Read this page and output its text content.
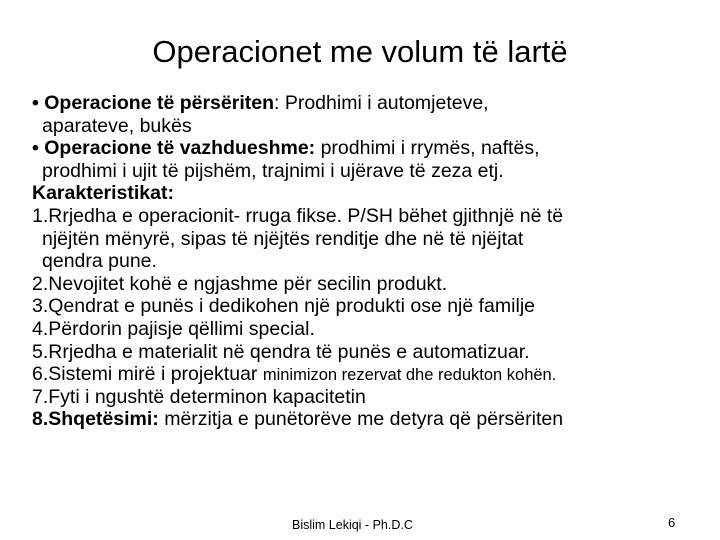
Operacionet me volum të lartë
• Operacione të përsëriten: Prodhimi i automjeteve,
aparateve, bukës
• Operacione të vazhdueshme: prodhimi i rrymës, naftës,
prodhimi i ujit të pijshëm, trajnimi i ujërave të zeza etj.
Karakteristikat:
1.Rrjedha e operacionit- rruga fikse. P/SH bëhet gjithnjë në të
njëjtën mënyrë, sipas të njëjtës renditje dhe në të njëjtat
qendra pune.
2.Nevojitet kohë e ngjashme për secilin produkt.
3.Qendrat e punës i dedikohen një produkti ose një familje
4.Përdorin pajisje qëllimi special.
5.Rrjedha e materialit në qendra të punës e automatizuar.
6.Sistemi mirë i projektuar minimizon rezervat dhe redukton kohën.
7.Fyti i ngushtë determinon kapacitetin
8.Shqetësimi: mërzitja e punëtorëve me detyra që përsëriten
Bislim Lekiqi - Ph.D.C	6
